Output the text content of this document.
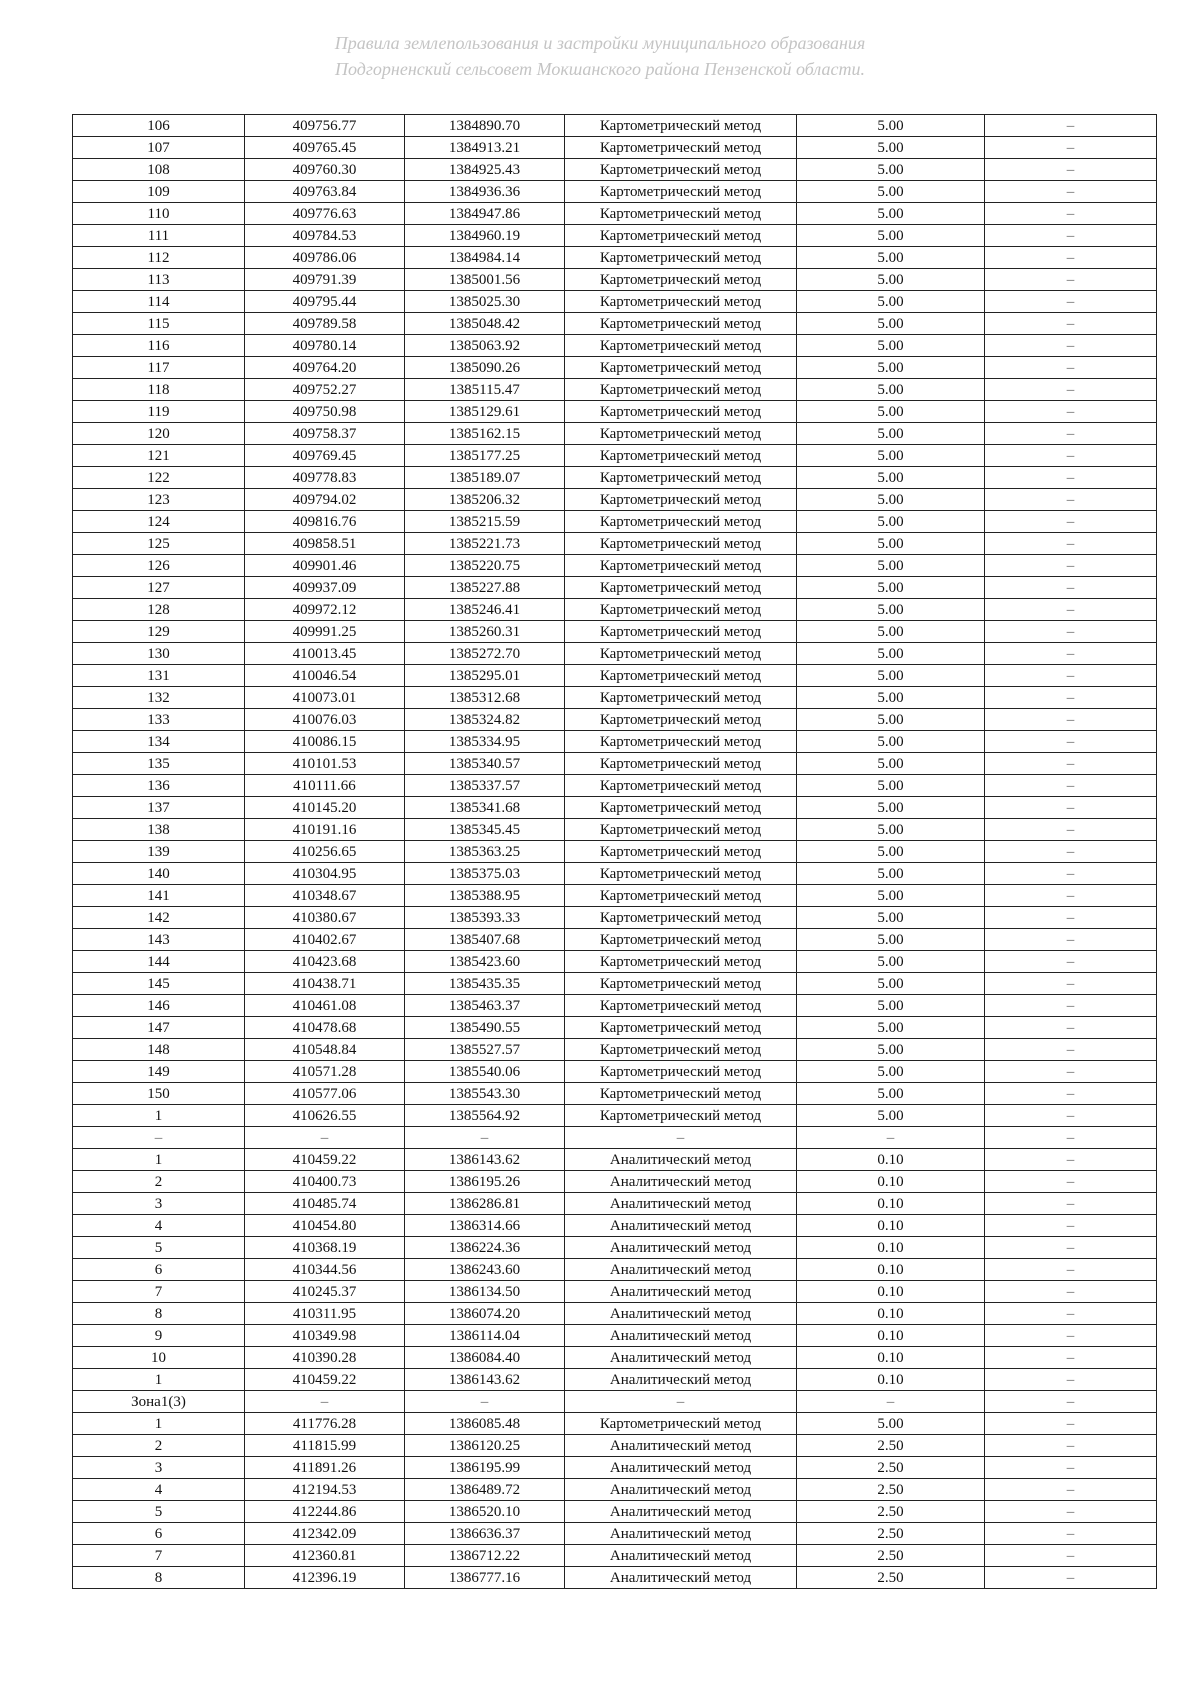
Правила землепользования и застройки муниципального образования
Подгорненский сельсовет Мокшанского района Пензенской области.
106	409756.77	1384890.70	Картометрический метод	5.00	–
107	409765.45	1384913.21	Картометрический метод	5.00	–
108	409760.30	1384925.43	Картометрический метод	5.00	–
109	409763.84	1384936.36	Картометрический метод	5.00	–
110	409776.63	1384947.86	Картометрический метод	5.00	–
111	409784.53	1384960.19	Картометрический метод	5.00	–
112	409786.06	1384984.14	Картометрический метод	5.00	–
113	409791.39	1385001.56	Картометрический метод	5.00	–
114	409795.44	1385025.30	Картометрический метод	5.00	–
115	409789.58	1385048.42	Картометрический метод	5.00	–
116	409780.14	1385063.92	Картометрический метод	5.00	–
117	409764.20	1385090.26	Картометрический метод	5.00	–
118	409752.27	1385115.47	Картометрический метод	5.00	–
119	409750.98	1385129.61	Картометрический метод	5.00	–
120	409758.37	1385162.15	Картометрический метод	5.00	–
121	409769.45	1385177.25	Картометрический метод	5.00	–
122	409778.83	1385189.07	Картометрический метод	5.00	–
123	409794.02	1385206.32	Картометрический метод	5.00	–
124	409816.76	1385215.59	Картометрический метод	5.00	–
125	409858.51	1385221.73	Картометрический метод	5.00	–
126	409901.46	1385220.75	Картометрический метод	5.00	–
127	409937.09	1385227.88	Картометрический метод	5.00	–
128	409972.12	1385246.41	Картометрический метод	5.00	–
129	409991.25	1385260.31	Картометрический метод	5.00	–
130	410013.45	1385272.70	Картометрический метод	5.00	–
131	410046.54	1385295.01	Картометрический метод	5.00	–
132	410073.01	1385312.68	Картометрический метод	5.00	–
133	410076.03	1385324.82	Картометрический метод	5.00	–
134	410086.15	1385334.95	Картометрический метод	5.00	–
135	410101.53	1385340.57	Картометрический метод	5.00	–
136	410111.66	1385337.57	Картометрический метод	5.00	–
137	410145.20	1385341.68	Картометрический метод	5.00	–
138	410191.16	1385345.45	Картометрический метод	5.00	–
139	410256.65	1385363.25	Картометрический метод	5.00	–
140	410304.95	1385375.03	Картометрический метод	5.00	–
141	410348.67	1385388.95	Картометрический метод	5.00	–
142	410380.67	1385393.33	Картометрический метод	5.00	–
143	410402.67	1385407.68	Картометрический метод	5.00	–
144	410423.68	1385423.60	Картометрический метод	5.00	–
145	410438.71	1385435.35	Картометрический метод	5.00	–
146	410461.08	1385463.37	Картометрический метод	5.00	–
147	410478.68	1385490.55	Картометрический метод	5.00	–
148	410548.84	1385527.57	Картометрический метод	5.00	–
149	410571.28	1385540.06	Картометрический метод	5.00	–
150	410577.06	1385543.30	Картометрический метод	5.00	–
1	410626.55	1385564.92	Картометрический метод	5.00	–
–	–	–	–	–	–
1	410459.22	1386143.62	Аналитический метод	0.10	–
2	410400.73	1386195.26	Аналитический метод	0.10	–
3	410485.74	1386286.81	Аналитический метод	0.10	–
4	410454.80	1386314.66	Аналитический метод	0.10	–
5	410368.19	1386224.36	Аналитический метод	0.10	–
6	410344.56	1386243.60	Аналитический метод	0.10	–
7	410245.37	1386134.50	Аналитический метод	0.10	–
8	410311.95	1386074.20	Аналитический метод	0.10	–
9	410349.98	1386114.04	Аналитический метод	0.10	–
10	410390.28	1386084.40	Аналитический метод	0.10	–
1	410459.22	1386143.62	Аналитический метод	0.10	–
Зона1(3)	–	–	–	–	–
1	411776.28	1386085.48	Картометрический метод	5.00	–
2	411815.99	1386120.25	Аналитический метод	2.50	–
3	411891.26	1386195.99	Аналитический метод	2.50	–
4	412194.53	1386489.72	Аналитический метод	2.50	–
5	412244.86	1386520.10	Аналитический метод	2.50	–
6	412342.09	1386636.37	Аналитический метод	2.50	–
7	412360.81	1386712.22	Аналитический метод	2.50	–
8	412396.19	1386777.16	Аналитический метод	2.50	–
